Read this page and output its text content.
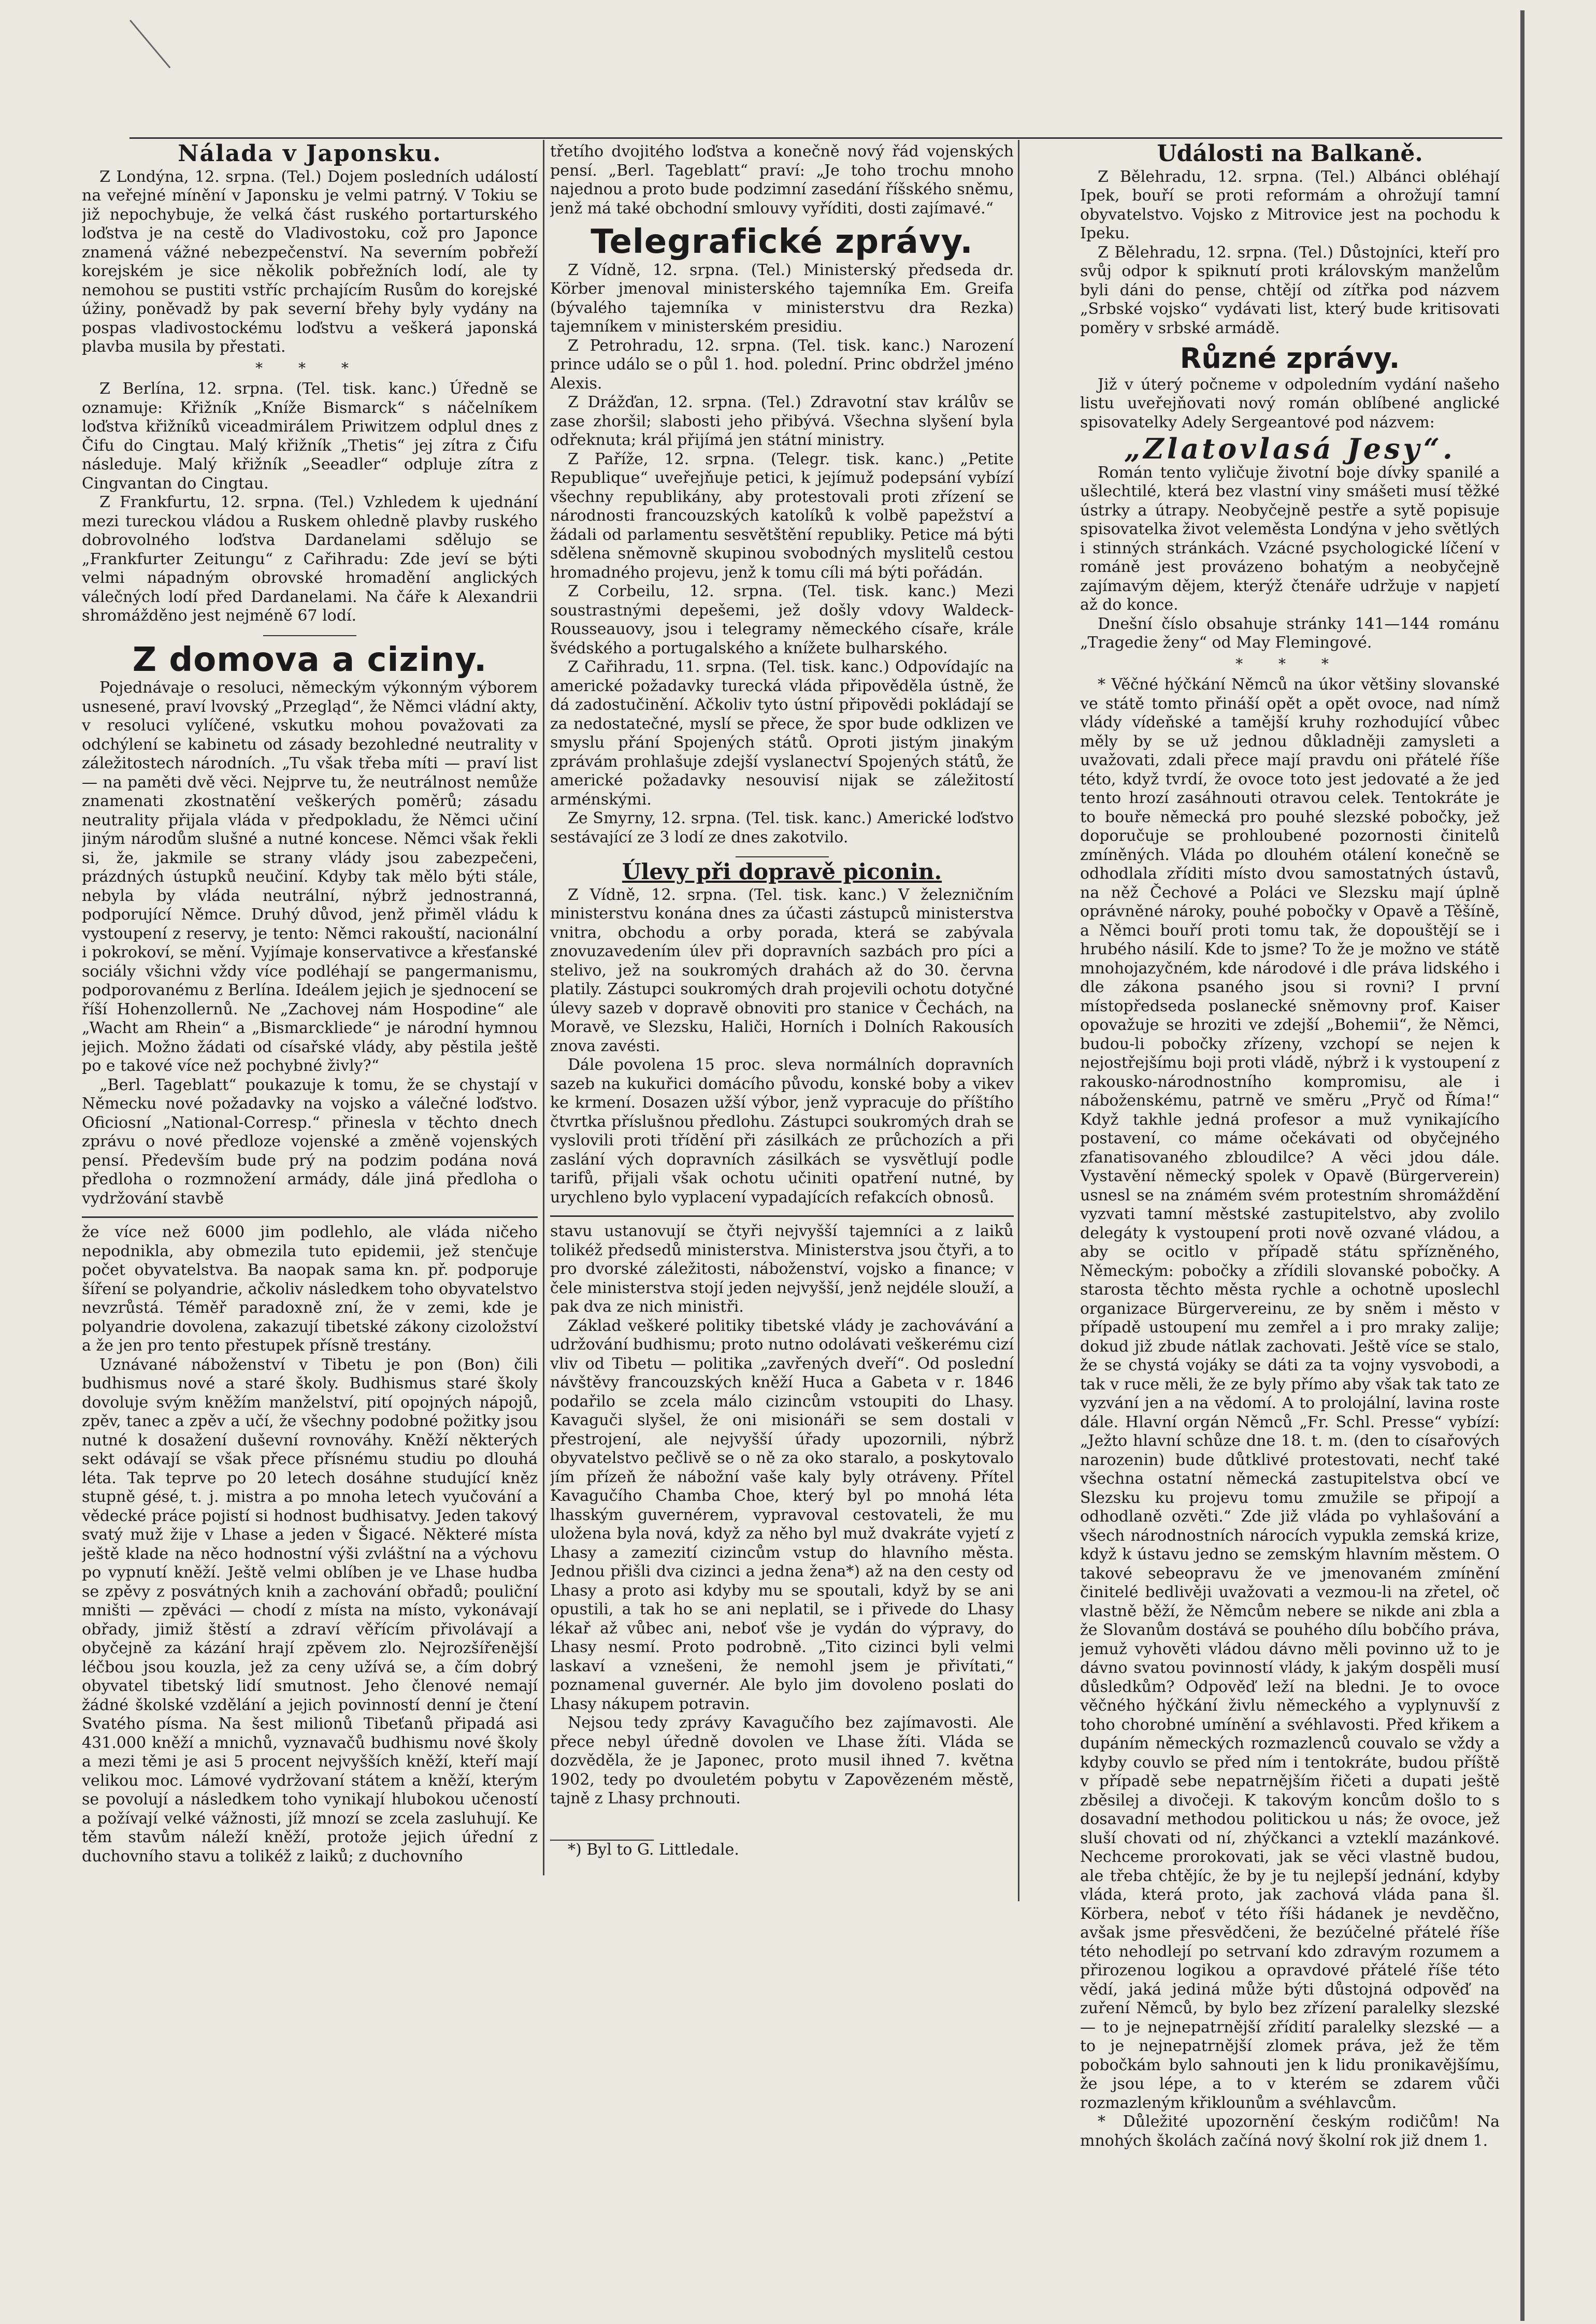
Nálada v Japonsku.

Z Londýna, 12. srpna. (Tel.) Dojem posledních událostí na veřejné mínění v Japonsku je velmi patrný. V Tokiu se již nepochybuje, že velká část ruského portarturského loďstva je na cestě do Vladivostoku, což pro Japonce znamená vážné nebezpečenství. Na severním pobřeží korejském je sice několik pobřežních lodí, ale ty nemohou se pustiti vstříc prchajícím Rusům do korejské úžiny, poněvadž by pak severní břehy byly vydány na pospas vladivostockému loďstvu a veškerá japonská plavba musila by přestati.

* * *

Z Berlína, 12. srpna. (Tel. tisk. kanc.) Úředně se oznamuje: Křižník „Kníže Bismarck“ s náčelníkem loďstva křižníků viceadmirálem Priwitzem odplul dnes z Čifu do Cingtau. Malý křižník „Thetis“ jej zítra z Čifu následuje. Malý křižník „Seeadler“ odpluje zítra z Cingvantan do Cingtau.

Z Frankfurtu, 12. srpna. (Tel.) Vzhledem k ujednání mezi tureckou vládou a Ruskem ohledně plavby ruského dobrovolného loďstva Dardanelami sdělujo se „Frankfurter Zeitungu“ z Cařihradu: Zde jeví se býti velmi nápadným obrovské hromadění anglických válečných lodí před Dardanelami. Na čáře k Alexandrii shromážděno jest nejméně 67 lodí.

Z domova a ciziny.

Pojednávaje o resoluci, německým výkonným výborem usnesené, praví lvovský „Przegląd“, že Němci vládní akty, v resoluci vylíčené, vskutku mohou považovati za odchýlení se kabinetu od zásady bezohledné neutrality v záležitostech národních. „Tu však třeba míti — praví list — na paměti dvě věci. Nejprve tu, že neutrálnost nemůže znamenati zkostnatění veškerých poměrů; zásadu neutrality přijala vláda v předpokladu, že Němci učiní jiným národům slušné a nutné koncese. Němci však řekli si, že, jakmile se strany vlády jsou zabezpečeni, prázdných ústupků neučiní. Kdyby tak mělo býti stále, nebyla by vláda neutrální, nýbrž jednostranná, podporující Němce. Druhý důvod, jenž přiměl vládu k vystoupení z reservy, je tento: Němci rakouští, nacionální i pokrokoví, se mění. Vyjímaje konservativce a křesťanské sociály všichni vždy více podléhají se pangermanismu, podporovanému z Berlína. Ideálem jejich je sjednocení se říší Hohenzollernů. Ne „Zachovej nám Hospodine“ ale „Wacht am Rhein“ a „Bismarckliede“ je národní hymnou jejich. Možno žádati od císařské vlády, aby pěstila ještě po e takové více než pochybné živly?“

„Berl. Tageblatt“ poukazuje k tomu, že se chystají v Německu nové požadavky na vojsko a válečné loďstvo. Oficiosní „National-Corresp.“ přinesla v těchto dnech zprávu o nové předloze vojenské a změně vojenských pensí. Především bude prý na podzim podána nová předloha o rozmnožení armády, dále jiná předloha o vydržování stavbě

že více než 6000 jim podlehlo, ale vláda ničeho nepodnikla, aby obmezila tuto epidemii, jež stenčuje počet obyvatelstva. Ba naopak sama kn. př. podporuje šíření se polyandrie, ačkoliv následkem toho obyvatelstvo nevzrůstá. Téměř paradoxně zní, že v zemi, kde je polyandrie dovolena, zakazují tibetské zákony cizoložství a že jen pro tento přestupek přísně trestány.

Uznávané náboženství v Tibetu je pon (Bon) čili budhismus nové a staré školy. Budhismus staré školy dovoluje svým kněžím manželství, pití opojných nápojů, zpěv, tanec a zpěv a učí, že všechny podobné požitky jsou nutné k dosažení duševní rovnováhy. Kněží některých sekt odávají se však přece přísnému studiu po dlouhá léta. Tak teprve po 20 letech dosáhne studující kněz stupně gésé, t. j. mistra a po mnoha letech vyučování a vědecké práce pojistí si hodnost budhisatvy. Jeden takový svatý muž žije v Lhase a jeden v Šigacé. Některé místa ještě klade na něco hodnostní výši zvláštní na a výchovu po vypnutí kněží. Ještě velmi oblíben je ve Lhase hudba se zpěvy z posvátných knih a zachování obřadů; pouliční mništi — zpěváci — chodí z místa na místo, vykonávají obřady, jimiž štěstí a zdraví věřícím přivolávají a obyčejně za kázání hrají zpěvem zlo. Nejrozšířenější léčbou jsou kouzla, jež za ceny užívá se, a čím dobrý obyvatel tibetský lidí smutnost. Jeho členové nemají žádné školské vzdělání a jejich povinností denní je čtení Svatého písma. Na šest milionů Tibeťanů připadá asi 431.000 kněží a mnichů, vyznavačů budhismu nové školy a mezi těmi je asi 5 procent nejvyšších kněží, kteří mají velikou moc. Lámové vydržovaní státem a kněží, kterým se povolují a následkem toho vynikají hlubokou učeností a požívají velké vážnosti, jíž mnozí se zcela zasluhují. Ke těm stavům náleží kněží, protože jejich úřední z duchovního stavu a tolikéž z laiků; z duchovního

třetího dvojitého loďstva a konečně nový řád vojenských pensí. „Berl. Tageblatt“ praví: „Je toho trochu mnoho najednou a proto bude podzimní zasedání říšského sněmu, jenž má také obchodní smlouvy vyříditi, dosti zajímavé.“

Telegrafické zprávy.

Z Vídně, 12. srpna. (Tel.) Ministerský předseda dr. Körber jmenoval ministerského tajemníka Em. Greifa (bývalého tajemníka v ministerstvu dra Rezka) tajemníkem v ministerském presidiu.

Z Petrohradu, 12. srpna. (Tel. tisk. kanc.) Narození prince událo se o půl 1. hod. polední. Princ obdržel jméno Alexis.

Z Drážďan, 12. srpna. (Tel.) Zdravotní stav králův se zase zhoršil; slabosti jeho přibývá. Všechna slyšení byla odřeknuta; král přijímá jen státní ministry.

Z Paříže, 12. srpna. (Telegr. tisk. kanc.) „Petite Republique“ uveřejňuje petici, k jejímuž podepsání vybízí všechny republikány, aby protestovali proti zřízení se národnosti francouzských katolíků k volbě papežství a žádali od parlamentu sesvětštění republiky. Petice má býti sdělena sněmovně skupinou svobodných myslitelů cestou hromadného projevu, jenž k tomu cíli má býti pořádán.

Z Corbeilu, 12. srpna. (Tel. tisk. kanc.) Mezi soustrastnými depešemi, jež došly vdovy Waldeck-Rousseauovy, jsou i telegramy německého císaře, krále švédského a portugalského a knížete bulharského.

Z Cařihradu, 11. srpna. (Tel. tisk. kanc.) Odpovídajíc na americké požadavky turecká vláda připověděla ústně, že dá zadostučinění. Ačkoliv tyto ústní připovědi pokládají se za nedostatečné, myslí se přece, že spor bude odklizen ve smyslu přání Spojených států. Oproti jistým jinakým zprávám prohlašuje zdejší vyslanectví Spojených států, že americké požadavky nesouvisí nijak se záležitostí arménskými.

Ze Smyrny, 12. srpna. (Tel. tisk. kanc.) Americké loďstvo sestávající ze 3 lodí ze dnes zakotvilo.

Úlevy při dopravě piconin.

Z Vídně, 12. srpna. (Tel. tisk. kanc.) V železničním ministerstvu konána dnes za účasti zástupců ministerstva vnitra, obchodu a orby porada, která se zabývala znovuzavedením úlev při dopravních sazbách pro píci a stelivo, jež na soukromých drahách až do 30. června platily. Zástupci soukromých drah projevili ochotu dotyčné úlevy sazeb v dopravě obnoviti pro stanice v Čechách, na Moravě, ve Slezsku, Haliči, Horních i Dolních Rakousích znova zavésti.

Dále povolena 15 proc. sleva normálních dopravních sazeb na kukuřici domácího původu, konské boby a vikev ke krmení. Dosazen užší výbor, jenž vypracuje do příštího čtvrtka příslušnou předlohu. Zástupci soukromých drah se vyslovili proti třídění při zásilkách ze průchozích a při zaslání vých dopravních zásilkách se vysvětlují podle tarifů, přijali však ochotu učiniti opatření nutné, by urychleno bylo vyplacení vypadajících refakcích obnosů.

stavu ustanovují se čtyři nejvyšší tajemníci a z laiků tolikéž předsedů ministerstva. Ministerstva jsou čtyři, a to pro dvorské záležitosti, náboženství, vojsko a finance; v čele ministerstva stojí jeden nejvyšší, jenž nejdéle slouží, a pak dva ze nich ministři.

Základ veškeré politiky tibetské vlády je zachovávání a udržování budhismu; proto nutno odolávati veškerému cizí vliv od Tibetu — politika „zavřených dveří“. Od poslední návštěvy francouzských kněží Huca a Gabeta v r. 1846 podařilo se zcela málo cizincům vstoupiti do Lhasy. Kavaguči slyšel, že oni misionáři se sem dostali v přestrojení, ale nejvyšší úřady upozornili, nýbrž obyvatelstvo pečlivě se o ně za oko staralo, a poskytovalo jím přízeň že nábožní vaše kaly byly otráveny. Přítel Kavagučího Chamba Choe, který byl po mnohá léta lhasským guvernérem, vypravoval cestovateli, že mu uložena byla nová, když za něho byl muž dvakráte vyjetí z Lhasy a zamezití cizincům vstup do hlavního města. Jednou přišli dva cizinci a jedna žena*) až na den cesty od Lhasy a proto asi kdyby mu se spoutali, když by se ani opustili, a tak ho se ani neplatil, se i přivede do Lhasy lékař až vůbec ani, neboť vše je vydán do výpravy, do Lhasy nesmí. Proto podrobně. „Tito cizinci byli velmi laskaví a vznešeni, že nemohl jsem je přivítati,“ poznamenal guvernér. Ale bylo jim dovoleno poslati do Lhasy nákupem potravin.

Nejsou tedy zprávy Kavagučího bez zajímavosti. Ale přece nebyl úředně dovolen ve Lhase žíti. Vláda se dozvěděla, že je Japonec, proto musil ihned 7. května 1902, tedy po dvouletém pobytu v Zapovězeném městě, tajně z Lhasy prchnouti.

*) Byl to G. Littledale.

Události na Balkaně.

Z Bělehradu, 12. srpna. (Tel.) Albánci obléhají Ipek, bouří se proti reformám a ohrožují tamní obyvatelstvo. Vojsko z Mitrovice jest na pochodu k Ipeku.

Z Bělehradu, 12. srpna. (Tel.) Důstojníci, kteří pro svůj odpor k spiknutí proti královským manželům byli dáni do pense, chtějí od zítřka pod názvem „Srbské vojsko“ vydávati list, který bude kritisovati poměry v srbské armádě.

Různé zprávy.

Již v úterý počneme v odpoledním vydání našeho listu uveřejňovati nový román oblíbené anglické spisovatelky Adely Sergeantové pod názvem:

„Zlatovlasá Jesy“.

Román tento vyličuje životní boje dívky spanilé a ušlechtilé, která bez vlastní viny smášeti musí těžké ústrky a útrapy. Neobyčejně pestře a sytě popisuje spisovatelka život veleměsta Londýna v jeho světlých i stinných stránkách. Vzácné psychologické líčení v románě jest provázeno bohatým a neobyčejně zajímavým dějem, kterýž čtenáře udržuje v napjetí až do konce.

Dnešní číslo obsahuje stránky 141—144 románu „Tragedie ženy“ od May Flemingové.

* * *

* Věčné hýčkání Němců na úkor většiny slovanské ve státě tomto přináší opět a opět ovoce, nad nímž vlády vídeňské a tamější kruhy rozhodující vůbec měly by se už jednou důkladněji zamysleti a uvažovati, zdali přece mají pravdu oni přátelé říše této, když tvrdí, že ovoce toto jest jedovaté a že jed tento hrozí zasáhnouti otravou celek. Tentokráte je to bouře německá pro pouhé slezské pobočky, jež doporučuje se prohloubené pozornosti činitelů zmíněných. Vláda po dlouhém otálení konečně se odhodlala zříditi místo dvou samostatných ústavů, na něž Čechové a Poláci ve Slezsku mají úplně oprávněné nároky, pouhé pobočky v Opavě a Těšíně, a Němci bouří proti tomu tak, že dopouštějí se i hrubého násilí. Kde to jsme? To že je možno ve státě mnohojazyčném, kde národové i dle práva lidského i dle zákona psaného jsou si rovni? I první místopředseda poslanecké sněmovny prof. Kaiser opovažuje se hroziti ve zdejší „Bohemii“, že Němci, budou-li pobočky zřízeny, vzchopí se nejen k nejostřejšímu boji proti vládě, nýbrž i k vystoupení z rakousko-národnostního kompromisu, ale i náboženskému, patrně ve směru „Pryč od Říma!“ Když takhle jedná profesor a muž vynikajícího postavení, co máme očekávati od obyčejného zfanatisovaného zbloudilce? A věci jdou dále. Vystavění německý spolek v Opavě (Bürgerverein) usnesl se na známém svém protestním shromáždění vyzvati tamní městské zastupitelstvo, aby zvolilo delegáty k vystoupení proti nově ozvané vládou, a aby se ocitlo v případě státu spřízněného, Německým: pobočky a zřídili slovanské pobočky. A starosta těchto města rychle a ochotně uposlechl organizace Bürgervereinu, ze by sněm i město v případě ustoupení mu zemřel a i pro mraky zalije; dokud již zbude nátlak zachovati. Ještě více se stalo, že se chystá vojáky se dáti za ta vojny vysvobodi, a tak v ruce měli, že ze byly přímo aby však tak tato ze vyzvání jen a na vědomí. A to prolojální, lavina roste dále. Hlavní orgán Němců „Fr. Schl. Presse“ vybízí: „Ježto hlavní schůze dne 18. t. m. (den to císařových narozenin) bude důtklivé protestovati, nechť také všechna ostatní německá zastupitelstva obcí ve Slezsku ku projevu tomu zmužile se připojí a odhodlaně ozvěti.“ Zde již vláda po vyhlašování a všech národnostních nárocích vypukla zemská krize, když k ústavu jedno se zemským hlavním městem. O takové sebeopravu že ve jmenovaném zmínění činitelé bedlivěji uvažovati a vezmou-li na zřetel, oč vlastně běží, že Němcům nebere se nikde ani zbla a že Slovanům dostává se pouhého dílu bobčího práva, jemuž vyhověti vládou dávno měli povinno už to je dávno svatou povinností vlády, k jakým dospěli musí důsledkům? Odpověď leží na bledni. Je to ovoce věčného hýčkání živlu německého a vyplynuvší z toho chorobné umínění a svéhlavosti. Před křikem a dupáním německých rozmazlenců couvalo se vždy a kdyby couvlo se před ním i tentokráte, budou příště v případě sebe nepatrnějším řičeti a dupati ještě zběsilej a divočeji. K takovým koncům došlo to s dosavadní methodou politickou u nás; že ovoce, jež sluší chovati od ní, zhýčkanci a vzteklí mazánkové. Nechceme prorokovati, jak se věci vlastně budou, ale třeba chtějíc, že by je tu nejlepší jednání, kdyby vláda, která proto, jak zachová vláda pana šl. Körbera, neboť v této říši hádanek je nevděčno, avšak jsme přesvědčeni, že bezúčelné přátelé říše této nehodlejí po setrvaní kdo zdravým rozumem a přirozenou logikou a opravdové přátelé říše této vědí, jaká jediná může býti důstojná odpověď na zuření Němců, by bylo bez zřízení paralelky slezské — to je nejnepatrnější zřídití paralelky slezské — a to je nejnepatrnější zlomek práva, jež že těm pobočkám bylo sahnouti jen k lidu pronikavějšímu, že jsou lépe, a to v kterém se zdarem vůči rozmazleným křiklounům a svéhlavcům.

* Důležité upozornění českým rodičům! Na mnohých školách začíná nový školní rok již dnem 1.
